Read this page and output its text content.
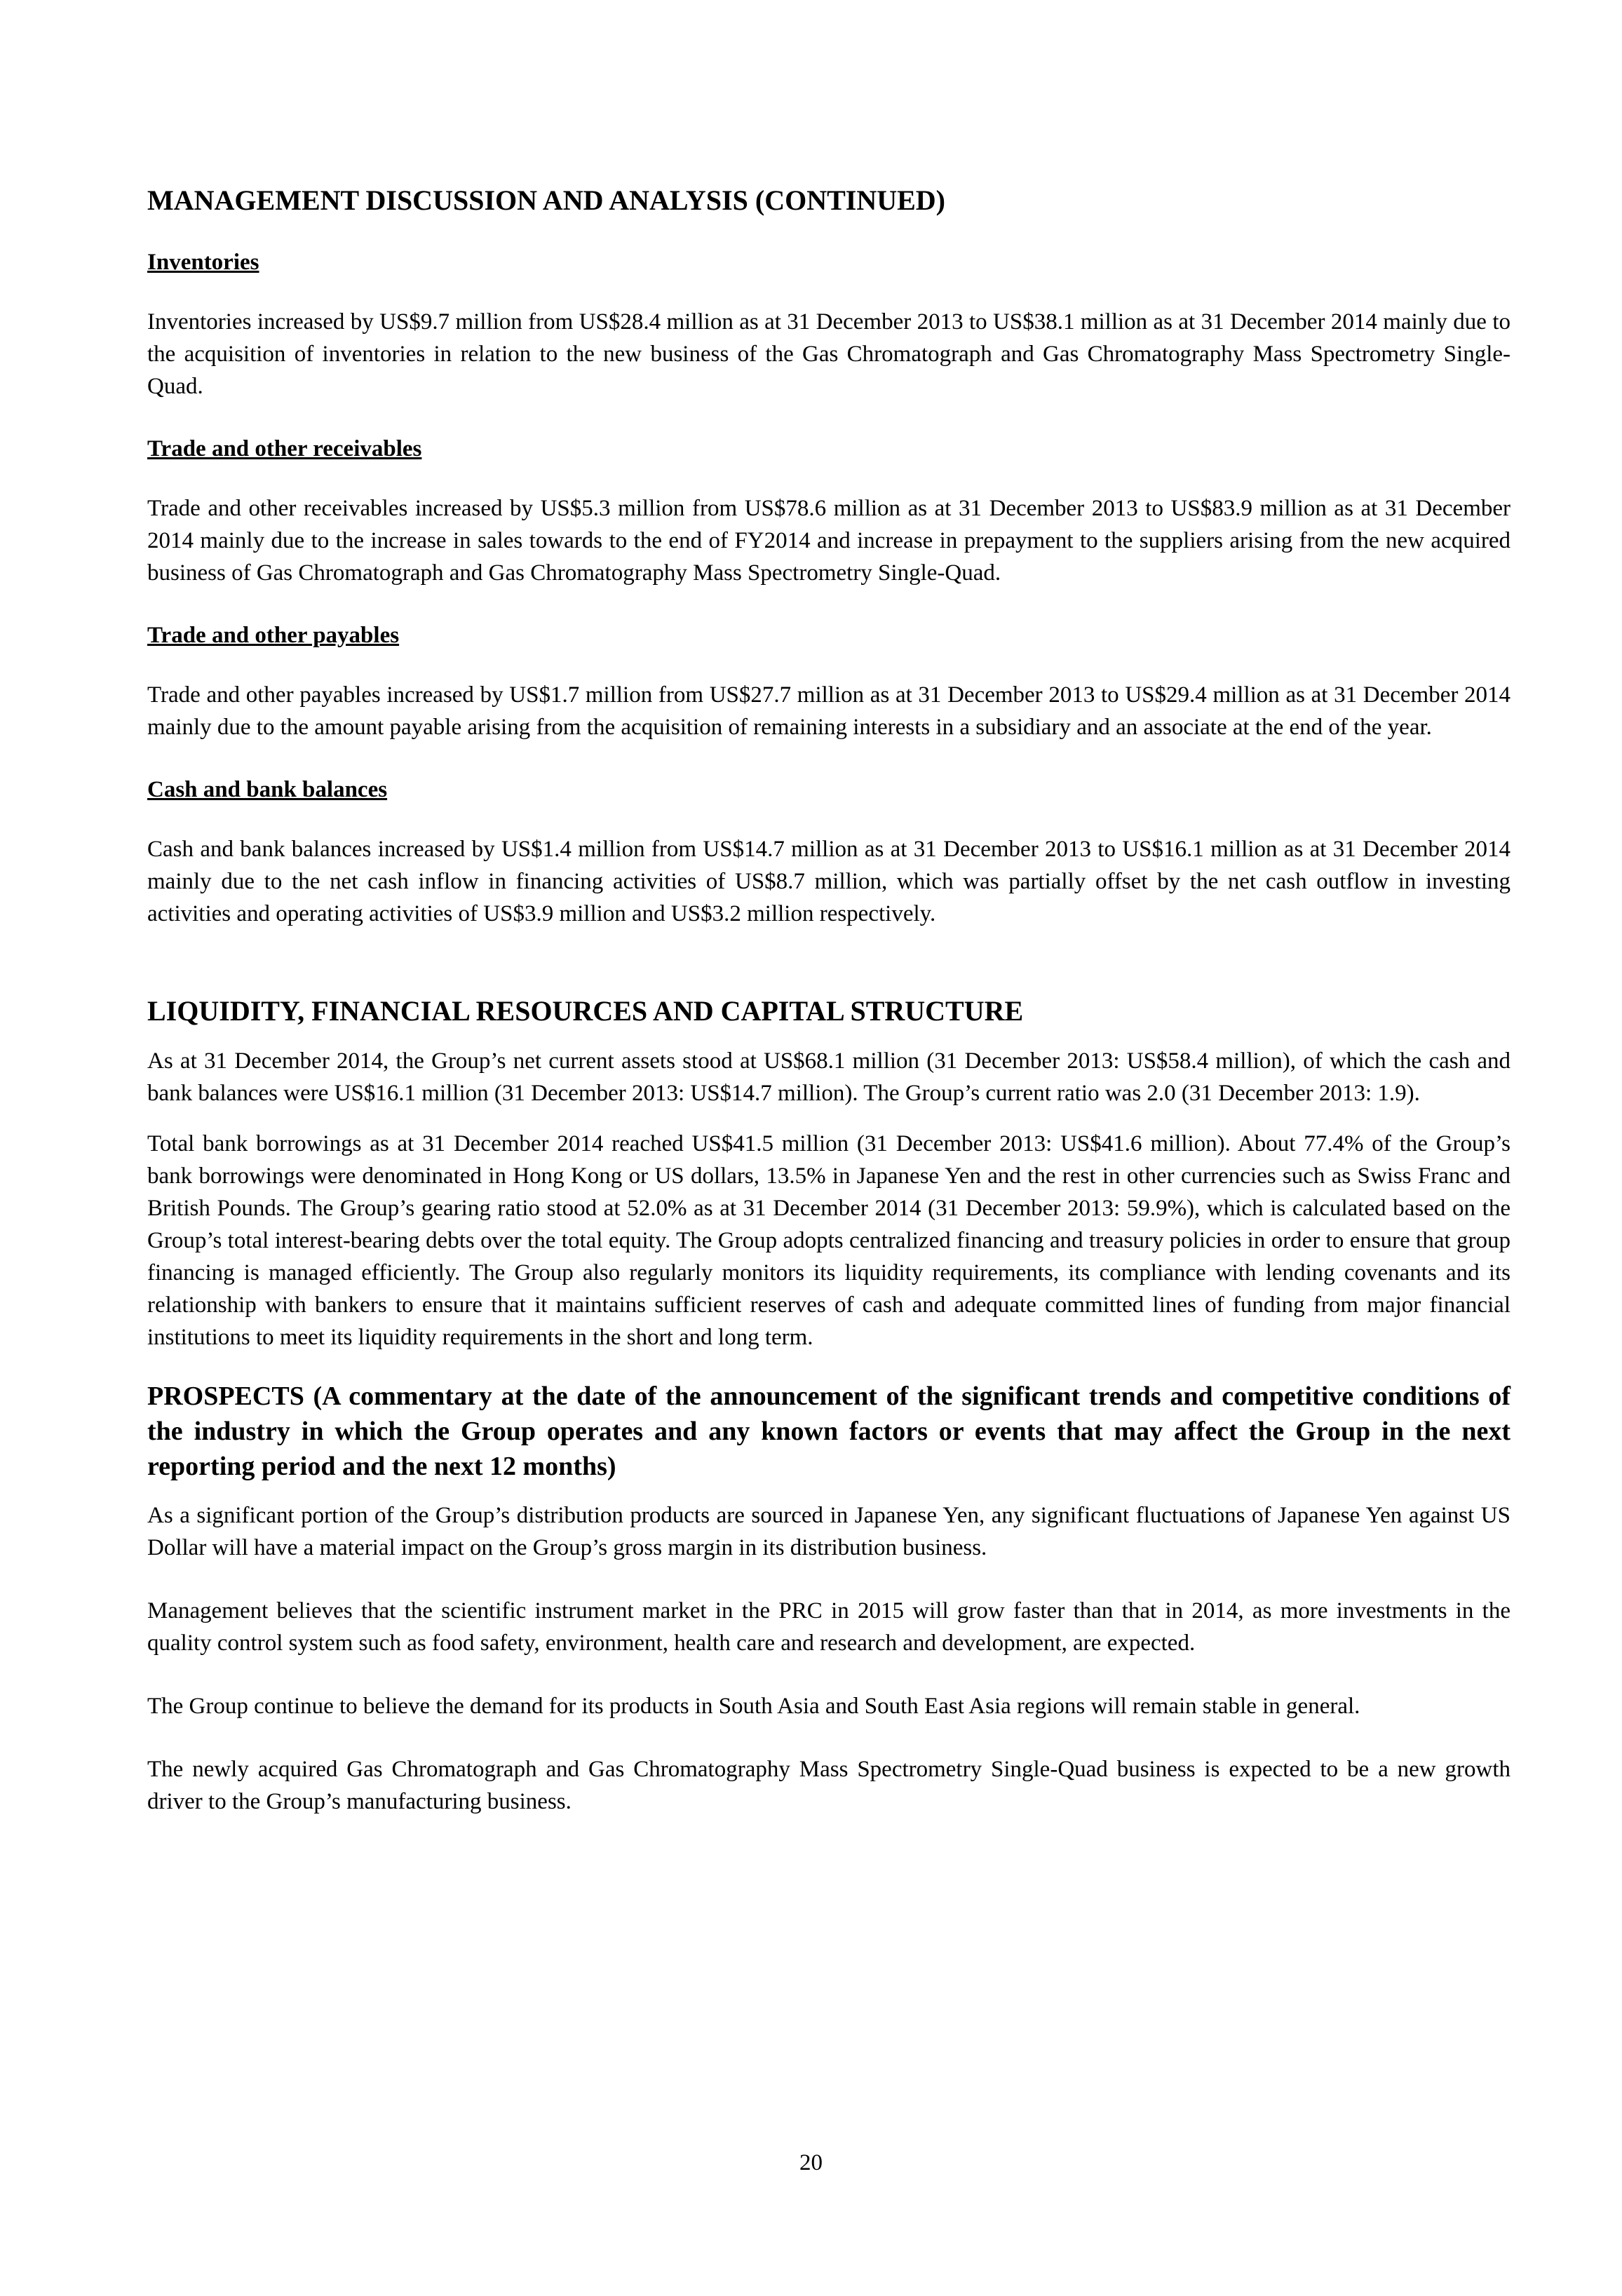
MANAGEMENT DISCUSSION AND ANALYSIS (CONTINUED)
Inventories

Inventories increased by US$9.7 million from US$28.4 million as at 31 December 2013 to US$38.1 million as at 31 December 2014 mainly due to the acquisition of inventories in relation to the new business of the Gas Chromatograph and Gas Chromatography Mass Spectrometry Single-Quad.

Trade and other receivables

Trade and other receivables increased by US$5.3 million from US$78.6 million as at 31 December 2013 to US$83.9 million as at 31 December 2014 mainly due to the increase in sales towards to the end of FY2014 and increase in prepayment to the suppliers arising from the new acquired business of Gas Chromatograph and Gas Chromatography Mass Spectrometry Single-Quad.

Trade and other payables

Trade and other payables increased by US$1.7 million from US$27.7 million as at 31 December 2013 to US$29.4 million as at 31 December 2014 mainly due to the amount payable arising from the acquisition of remaining interests in a subsidiary and an associate at the end of the year.

Cash and bank balances

Cash and bank balances increased by US$1.4 million from US$14.7 million as at 31 December 2013 to US$16.1 million as at 31 December 2014 mainly due to the net cash inflow in financing activities of US$8.7 million, which was partially offset by the net cash outflow in investing activities and operating activities of US$3.9 million and US$3.2 million respectively.

LIQUIDITY, FINANCIAL RESOURCES AND CAPITAL STRUCTURE

As at 31 December 2014, the Group’s net current assets stood at US$68.1 million (31 December 2013: US$58.4 million), of which the cash and bank balances were US$16.1 million (31 December 2013: US$14.7 million). The Group’s current ratio was 2.0 (31 December 2013: 1.9).

Total bank borrowings as at 31 December 2014 reached US$41.5 million (31 December 2013: US$41.6 million). About 77.4% of the Group’s bank borrowings were denominated in Hong Kong or US dollars, 13.5% in Japanese Yen and the rest in other currencies such as Swiss Franc and British Pounds. The Group’s gearing ratio stood at 52.0% as at 31 December 2014 (31 December 2013: 59.9%), which is calculated based on the Group’s total interest-bearing debts over the total equity. The Group adopts centralized financing and treasury policies in order to ensure that group financing is managed efficiently. The Group also regularly monitors its liquidity requirements, its compliance with lending covenants and its relationship with bankers to ensure that it maintains sufficient reserves of cash and adequate committed lines of funding from major financial institutions to meet its liquidity requirements in the short and long term.

PROSPECTS (A commentary at the date of the announcement of the significant trends and competitive conditions of the industry in which the Group operates and any known factors or events that may affect the Group in the next reporting period and the next 12 months)

As a significant portion of the Group’s distribution products are sourced in Japanese Yen, any significant fluctuations of Japanese Yen against US Dollar will have a material impact on the Group’s gross margin in its distribution business.

Management believes that the scientific instrument market in the PRC in 2015 will grow faster than that in 2014, as more investments in the quality control system such as food safety, environment, health care and research and development, are expected.

The Group continue to believe the demand for its products in South Asia and South East Asia regions will remain stable in general.

The newly acquired Gas Chromatograph and Gas Chromatography Mass Spectrometry Single-Quad business is expected to be a new growth driver to the Group’s manufacturing business.

20
